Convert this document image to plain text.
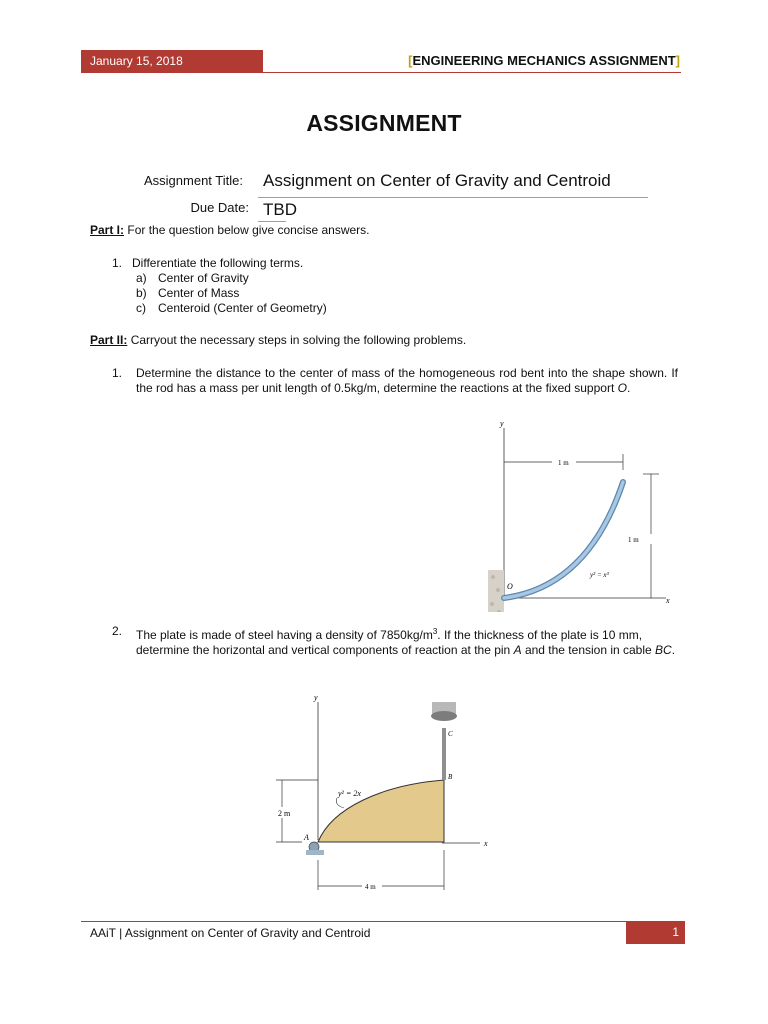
January 15, 2018	[ENGINEERING MECHANICS ASSIGNMENT]
ASSIGNMENT
Assignment Title: Assignment on Center of Gravity and Centroid
Due Date: TBD
Part I: For the question below give concise answers.
1. Differentiate the following terms.
a) Center of Gravity
b) Center of Mass
c) Centeroid (Center of Geometry)
Part II: Carryout the necessary steps in solving the following problems.
1. Determine the distance to the center of mass of the homogeneous rod bent into the shape shown. If the rod has a mass per unit length of 0.5kg/m, determine the reactions at the fixed support O.
y
x
O
1 m
1 m
y² = x³
2. The plate is made of steel having a density of $7850kg/m^3$. If the thickness of the plate is 10 mm, determine the horizontal and vertical components of reaction at the pin A and the tension in cable BC.
y
x
C
B
A
2 m
4 m
y² = 2x
AAiT | Assignment on Center of Gravity and Centroid	1
